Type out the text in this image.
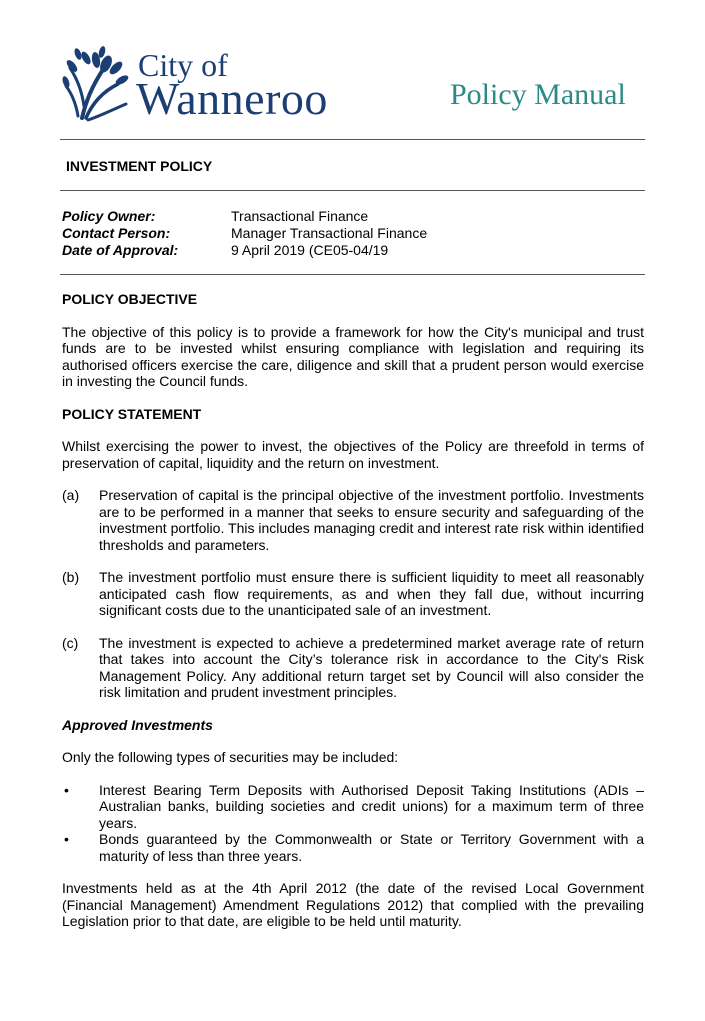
City of
Wanneroo	Policy Manual
INVESTMENT POLICY
Policy Owner:	Transactional Finance
Contact Person:	Manager Transactional Finance
Date of Approval:	9 April 2019 (CE05-04/19

POLICY OBJECTIVE

The objective of this policy is to provide a framework for how the City's municipal and trust funds are to be invested whilst ensuring compliance with legislation and requiring its authorised officers exercise the care, diligence and skill that a prudent person would exercise in investing the Council funds.

POLICY STATEMENT

Whilst exercising the power to invest, the objectives of the Policy are threefold in terms of preservation of capital, liquidity and the return on investment.

(a)	Preservation of capital is the principal objective of the investment portfolio. Investments are to be performed in a manner that seeks to ensure security and safeguarding of the investment portfolio. This includes managing credit and interest rate risk within identified thresholds and parameters.
(b)	The investment portfolio must ensure there is sufficient liquidity to meet all reasonably anticipated cash flow requirements, as and when they fall due, without incurring significant costs due to the unanticipated sale of an investment.
(c)	The investment is expected to achieve a predetermined market average rate of return that takes into account the City’s tolerance risk in accordance to the City's Risk Management Policy. Any additional return target set by Council will also consider the risk limitation and prudent investment principles.

Approved Investments

Only the following types of securities may be included:

•	Interest Bearing Term Deposits with Authorised Deposit Taking Institutions (ADIs – Australian banks, building societies and credit unions) for a maximum term of three years.
•	Bonds guaranteed by the Commonwealth or State or Territory Government with a maturity of less than three years.

Investments held as at the 4th April 2012 (the date of the revised Local Government (Financial Management) Amendment Regulations 2012) that complied with the prevailing Legislation prior to that date, are eligible to be held until maturity.
